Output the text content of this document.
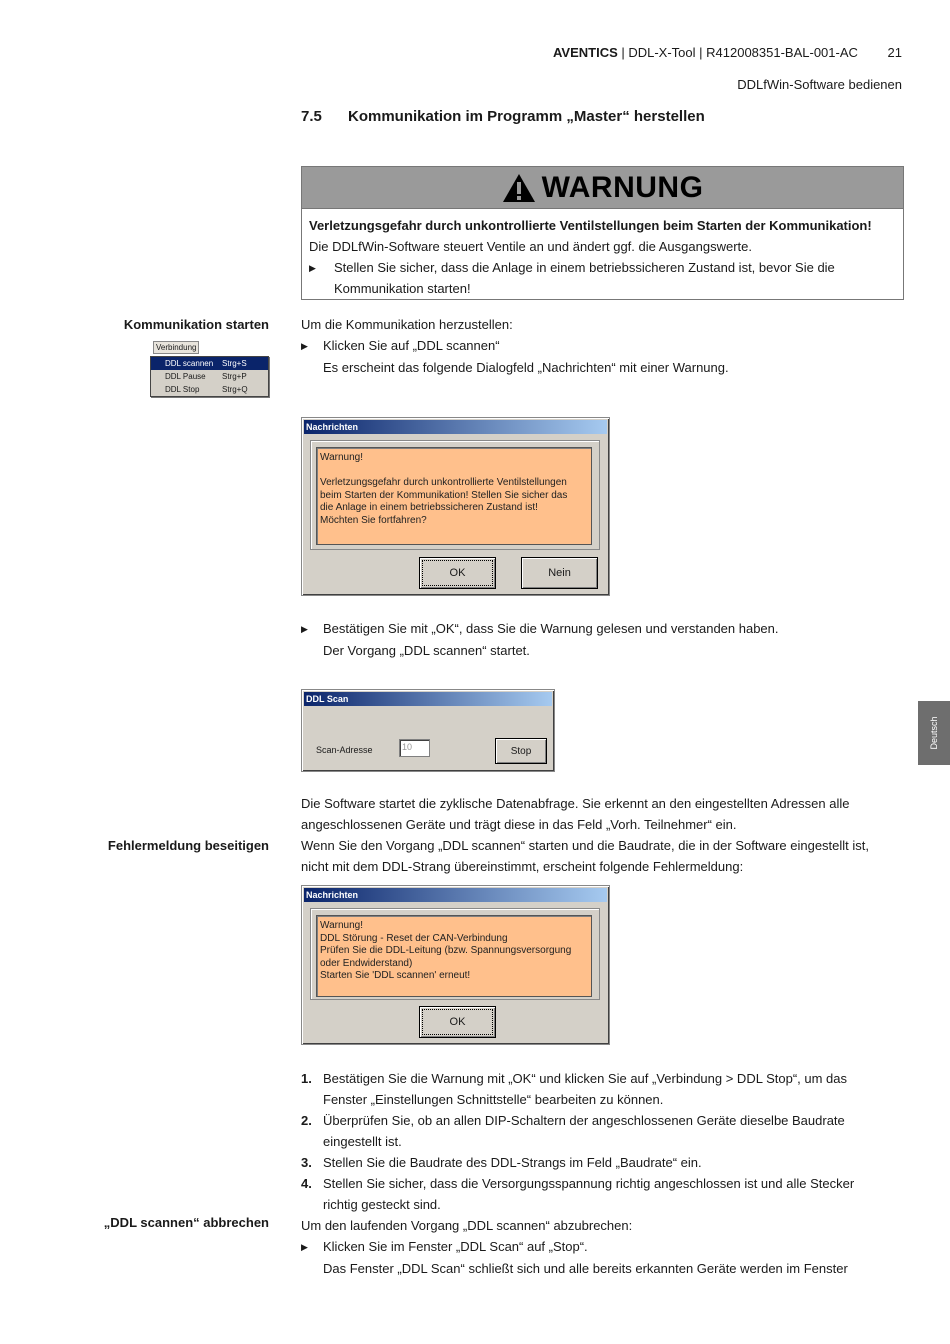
AVENTICS | DDL-X-Tool | R412008351-BAL-001-AC 21
DDLfWin-Software bedienen
7.5 Kommunikation im Programm „Master“ herstellen
WARNUNG
Verletzungsgefahr durch unkontrollierte Ventilstellungen beim Starten der Kommunikation!
Die DDLfWin-Software steuert Ventile an und ändert ggf. die Ausgangswerte.
▶	Stellen Sie sicher, dass die Anlage in einem betriebssicheren Zustand ist, bevor Sie die
Kommunikation starten!
Kommunikation starten
Verbindung
DDL scannen Strg+S
DDL Pause Strg+P
DDL Stop	Strg+Q
Um die Kommunikation herzustellen:
▶	Klicken Sie auf „DDL scannen“
Es erscheint das folgende Dialogfeld „Nachrichten“ mit einer Warnung.
Nachrichten
Warnung!
Verletzungsgefahr durch unkontrollierte Ventilstellungen
beim Starten der Kommunikation! Stellen Sie sicher das
die Anlage in einem betriebssicheren Zustand ist!
Möchten Sie fortfahren?
OK	Nein
▶	Bestätigen Sie mit „OK“, dass Sie die Warnung gelesen und verstanden haben.
Der Vorgang „DDL scannen“ startet.
DDL Scan
Scan-Adresse	10	Stop
Die Software startet die zyklische Datenabfrage. Sie erkennt an den eingestellten Adressen alle
angeschlossenen Geräte und trägt diese in das Feld „Vorh. Teilnehmer“ ein.
Wenn Sie den Vorgang „DDL scannen“ starten und die Baudrate, die in der Software eingestellt ist,
nicht mit dem DDL-Strang übereinstimmt, erscheint folgende Fehlermeldung:
Fehlermeldung beseitigen
Nachrichten
Warnung!
DDL Störung - Reset der CAN-Verbindung
Prüfen Sie die DDL-Leitung (bzw. Spannungsversorgung
oder Endwiderstand)
Starten Sie 'DDL scannen' erneut!
OK
1. Bestätigen Sie die Warnung mit „OK“ und klicken Sie auf „Verbindung > DDL Stop“, um das
Fenster „Einstellungen Schnittstelle“ bearbeiten zu können.
2. Überprüfen Sie, ob an allen DIP-Schaltern der angeschlossenen Geräte dieselbe Baudrate
eingestellt ist.
3. Stellen Sie die Baudrate des DDL-Strangs im Feld „Baudrate“ ein.
4. Stellen Sie sicher, dass die Versorgungsspannung richtig angeschlossen ist und alle Stecker
richtig gesteckt sind.
Um den laufenden Vorgang „DDL scannen“ abzubrechen:
▶	Klicken Sie im Fenster „DDL Scan“ auf „Stop“.
Das Fenster „DDL Scan“ schließt sich und alle bereits erkannten Geräte werden im Fenster
„DDL scannen“ abbrechen
Deutsch
